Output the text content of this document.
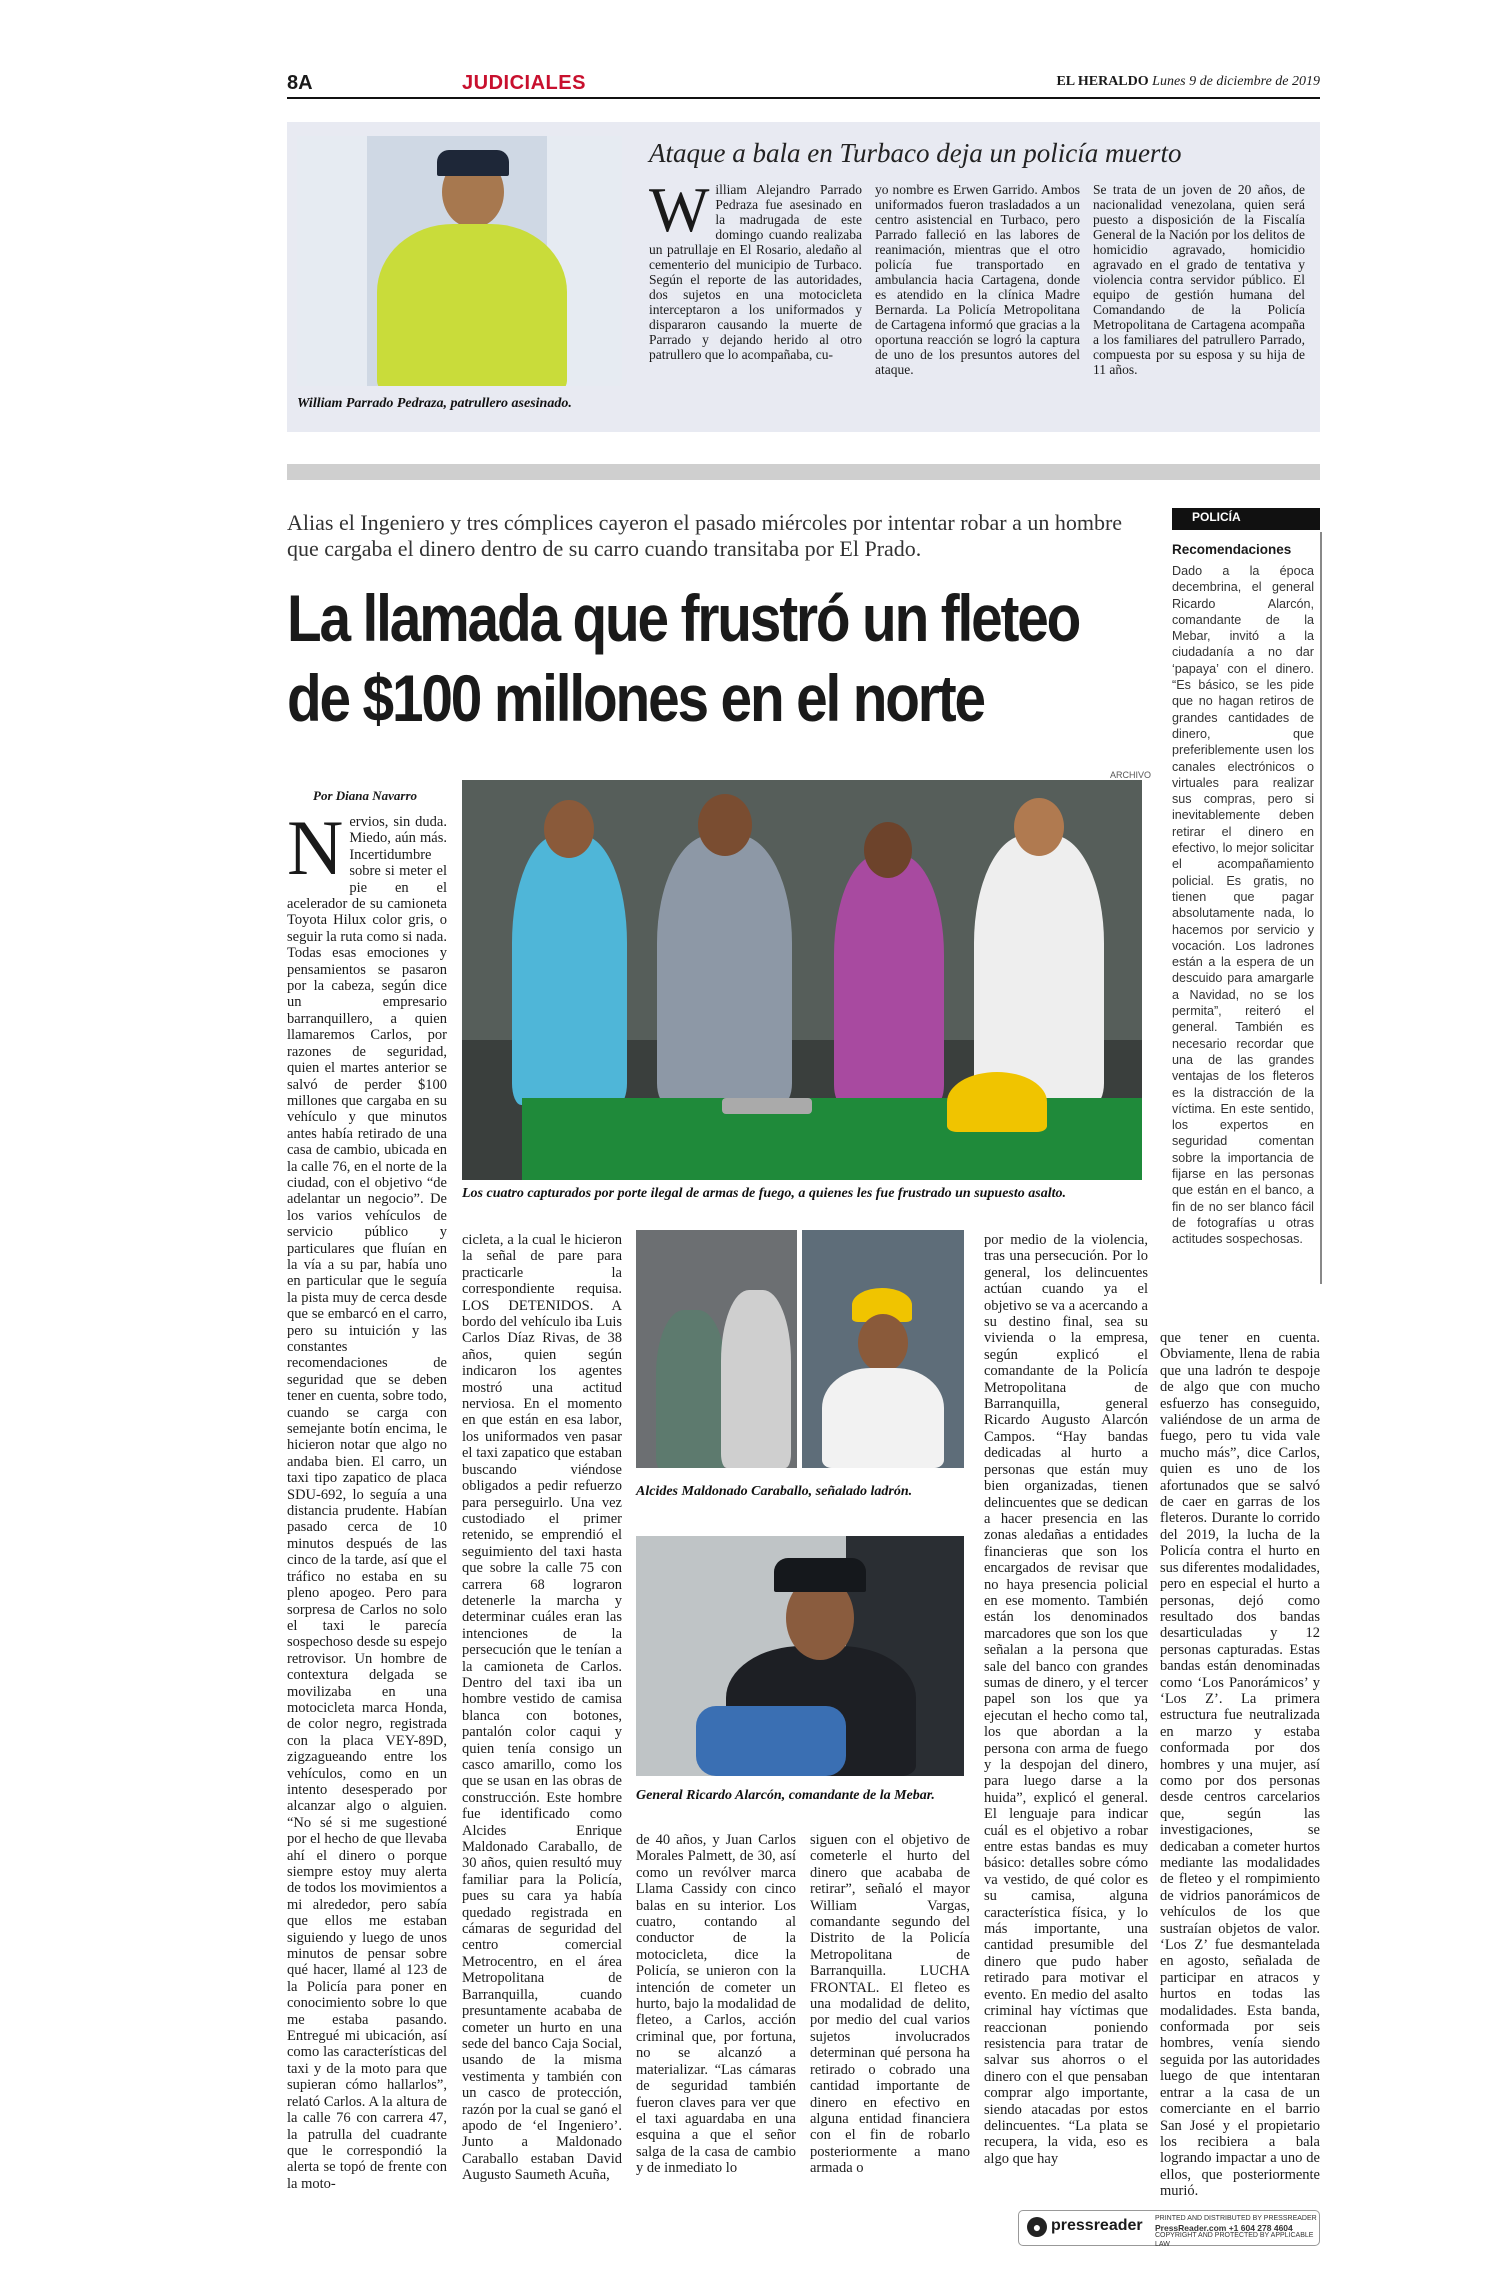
8A	JUDICIALES	EL HERALDO Lunes 9 de diciembre de 2019
William Parrado Pedraza, patrullero asesinado.
Ataque a bala en Turbaco deja un policía muerto
W illiam Alejandro Parrado Pedraza fue asesinado en la madrugada de este domingo cuando realizaba un patrullaje en El Rosario, aledaño al cementerio del municipio de Turbaco. Según el reporte de las autoridades, dos sujetos en una motocicleta interceptaron a los uniformados y dispararon causando la muerte de Parrado y dejando herido al otro patrullero que lo acompañaba, cu-
yo nombre es Erwen Garrido. Ambos uniformados fueron trasladados a un centro asistencial en Turbaco, pero Parrado falleció en las labores de reanimación, mientras que el otro policía fue transportado en ambulancia hacia Cartagena, donde es atendido en la clínica Madre Bernarda. La Policía Metropolitana de Cartagena informó que gracias a la oportuna reacción se logró la captura de uno de los presuntos autores del ataque.
Se trata de un joven de 20 años, de nacionalidad venezolana, quien será puesto a disposición de la Fiscalía General de la Nación por los delitos de homicidio agravado, homicidio agravado en el grado de tentativa y violencia contra servidor público. El equipo de gestión humana del Comandando de la Policía Metropolitana de Cartagena acompaña a los familiares del patrullero Parrado, compuesta por su esposa y su hija de 11 años.
Alias el Ingeniero y tres cómplices cayeron el pasado miércoles por intentar robar a un hombre que cargaba el dinero dentro de su carro cuando transitaba por El Prado.
La llamada que frustró un fleteo
de $100 millones en el norte
Por Diana Navarro
ARCHIVO
Los cuatro capturados por porte ilegal de armas de fuego, a quienes les fue frustrado un supuesto asalto.
N ervios, sin duda. Miedo, aún más. Incertidumbre sobre si meter el pie en el acelerador de su camioneta Toyota Hilux color gris, o seguir la ruta como si nada. Todas esas emociones y pensamientos se pasaron por la cabeza, según dice un empresario barranquillero, a quien llamaremos Carlos, por razones de seguridad, quien el martes anterior se salvó de perder $100 millones que cargaba en su vehículo y que minutos antes había retirado de una casa de cambio, ubicada en la calle 76, en el norte de la ciudad, con el objetivo “de adelantar un negocio”. De los varios vehículos de servicio público y particulares que fluían en la vía a su par, había uno en particular que le seguía la pista muy de cerca desde que se embarcó en el carro, pero su intuición y las constantes recomendaciones de seguridad que se deben tener en cuenta, sobre todo, cuando se carga con semejante botín encima, le hicieron notar que algo no andaba bien. El carro, un taxi tipo zapatico de placa SDU-692, lo seguía a una distancia prudente. Habían pasado cerca de 10 minutos después de las cinco de la tarde, así que el tráfico no estaba en su pleno apogeo. Pero para sorpresa de Carlos no solo el taxi le parecía sospechoso desde su espejo retrovisor. Un hombre de contextura delgada se movilizaba en una motocicleta marca Honda, de color negro, registrada con la placa VEY-89D, zigzagueando entre los vehículos, como en un intento desesperado por alcanzar algo o alguien. “No sé si me sugestioné por el hecho de que llevaba ahí el dinero o porque siempre estoy muy alerta de todos los movimientos a mi alrededor, pero sabía que ellos me estaban siguiendo y luego de unos minutos de pensar sobre qué hacer, llamé al 123 de la Policía para poner en conocimiento sobre lo que me estaba pasando. Entregué mi ubicación, así como las características del taxi y de la moto para que supieran cómo hallarlos”, relató Carlos. A la altura de la calle 76 con carrera 47, la patrulla del cuadrante que le correspondió la alerta se topó de frente con la moto-
cicleta, a la cual le hicieron la señal de pare para practicarle la correspondiente requisa. LOS DETENIDOS. A bordo del vehículo iba Luis Carlos Díaz Rivas, de 38 años, quien según indicaron los agentes mostró una actitud nerviosa. En el momento en que están en esa labor, los uniformados ven pasar el taxi zapatico que estaban buscando viéndose obligados a pedir refuerzo para perseguirlo. Una vez custodiado el primer retenido, se emprendió el seguimiento del taxi hasta que sobre la calle 75 con carrera 68 lograron detenerle la marcha y determinar cuáles eran las intenciones de la persecución que le tenían a la camioneta de Carlos. Dentro del taxi iba un hombre vestido de camisa blanca con botones, pantalón color caqui y quien tenía consigo un casco amarillo, como los que se usan en las obras de construcción. Este hombre fue identificado como Alcides Enrique Maldonado Caraballo, de 30 años, quien resultó muy familiar para la Policía, pues su cara ya había quedado registrada en cámaras de seguridad del centro comercial Metrocentro, en el área Metropolitana de Barranquilla, cuando presuntamente acababa de cometer un hurto en una sede del banco Caja Social, usando de la misma vestimenta y también con un casco de protección, razón por la cual se ganó el apodo de ‘el Ingeniero’. Junto a Maldonado Caraballo estaban David Augusto Saumeth Acuña,
Alcides Maldonado Caraballo, señalado ladrón.
General Ricardo Alarcón, comandante de la Mebar.
de 40 años, y Juan Carlos Morales Palmett, de 30, así como un revólver marca Llama Cassidy con cinco balas en su interior. Los cuatro, contando al conductor de la motocicleta, dice la Policía, se unieron con la intención de cometer un hurto, bajo la modalidad de fleteo, a Carlos, acción criminal que, por fortuna, no se alcanzó a materializar. “Las cámaras de seguridad también fueron claves para ver que el taxi aguardaba en una esquina a que el señor salga de la casa de cambio y de inmediato lo
siguen con el objetivo de cometerle el hurto del dinero que acababa de retirar”, señaló el mayor William Vargas, comandante segundo del Distrito de la Policía Metropolitana de Barranquilla. LUCHA FRONTAL. El fleteo es una modalidad de delito, por medio del cual varios sujetos involucrados determinan qué persona ha retirado o cobrado una cantidad importante de dinero en efectivo en alguna entidad financiera con el fin de robarlo posteriormente a mano armada o
por medio de la violencia, tras una persecución. Por lo general, los delincuentes actúan cuando ya el objetivo se va a acercando a su destino final, sea su vivienda o la empresa, según explicó el comandante de la Policía Metropolitana de Barranquilla, general Ricardo Augusto Alarcón Campos. “Hay bandas dedicadas al hurto a personas que están muy bien organizadas, tienen delincuentes que se dedican a hacer presencia en las zonas aledañas a entidades financieras que son los encargados de revisar que no haya presencia policial en ese momento. También están los denominados marcadores que son los que señalan a la persona que sale del banco con grandes sumas de dinero, y el tercer papel son los que ya ejecutan el hecho como tal, los que abordan a la persona con arma de fuego y la despojan del dinero, para luego darse a la huida”, explicó el general. El lenguaje para indicar cuál es el objetivo a robar entre estas bandas es muy básico: detalles sobre cómo va vestido, de qué color es su camisa, alguna característica física, y lo más importante, una cantidad presumible del dinero que pudo haber retirado para motivar el evento. En medio del asalto criminal hay víctimas que reaccionan poniendo resistencia para tratar de salvar sus ahorros o el dinero con el que pensaban comprar algo importante, siendo atacadas por estos delincuentes. “La plata se recupera, la vida, eso es algo que hay
que tener en cuenta. Obviamente, llena de rabia que una ladrón te despoje de algo que con mucho esfuerzo has conseguido, valiéndose de un arma de fuego, pero tu vida vale mucho más”, dice Carlos, quien es uno de los afortunados que se salvó de caer en garras de los fleteros. Durante lo corrido del 2019, la lucha de la Policía contra el hurto en sus diferentes modalidades, pero en especial el hurto a personas, dejó como resultado dos bandas desarticuladas y 12 personas capturadas. Estas bandas están denominadas como ‘Los Panorámicos’ y ‘Los Z’. La primera estructura fue neutralizada en marzo y estaba conformada por dos hombres y una mujer, así como por dos personas desde centros carcelarios que, según las investigaciones, se dedicaban a cometer hurtos mediante las modalidades de fleteo y el rompimiento de vidrios panorámicos de vehículos de los que sustraían objetos de valor. ‘Los Z’ fue desmantelada en agosto, señalada de participar en atracos y hurtos en todas las modalidades. Esta banda, conformada por seis hombres, venía siendo seguida por las autoridades luego de que intentaran entrar a la casa de un comerciante en el barrio San José y el propietario los recibiera a bala logrando impactar a uno de ellos, que posteriormente murió.
POLICÍA
Recomendaciones
Dado a la época decembrina, el general Ricardo Alarcón, comandante de la Mebar, invitó a la ciudadanía a no dar ‘papaya’ con el dinero. “Es básico, se les pide que no hagan retiros de grandes cantidades de dinero, que preferiblemente usen los canales electrónicos o virtuales para realizar sus compras, pero si inevitablemente deben retirar el dinero en efectivo, lo mejor solicitar el acompañamiento policial. Es gratis, no tienen que pagar absolutamente nada, lo hacemos por servicio y vocación. Los ladrones están a la espera de un descuido para amargarle a Navidad, no se los permita”, reiteró el general. También es necesario recordar que una de las grandes ventajas de los fleteros es la distracción de la víctima. En este sentido, los expertos en seguridad comentan sobre la importancia de fijarse en las personas que están en el banco, a fin de no ser blanco fácil de fotografías u otras actitudes sospechosas.
● pressreader PRINTED AND DISTRIBUTED BY PRESSREADER
PressReader.com +1 604 278 4604
COPYRIGHT AND PROTECTED BY APPLICABLE LAW
